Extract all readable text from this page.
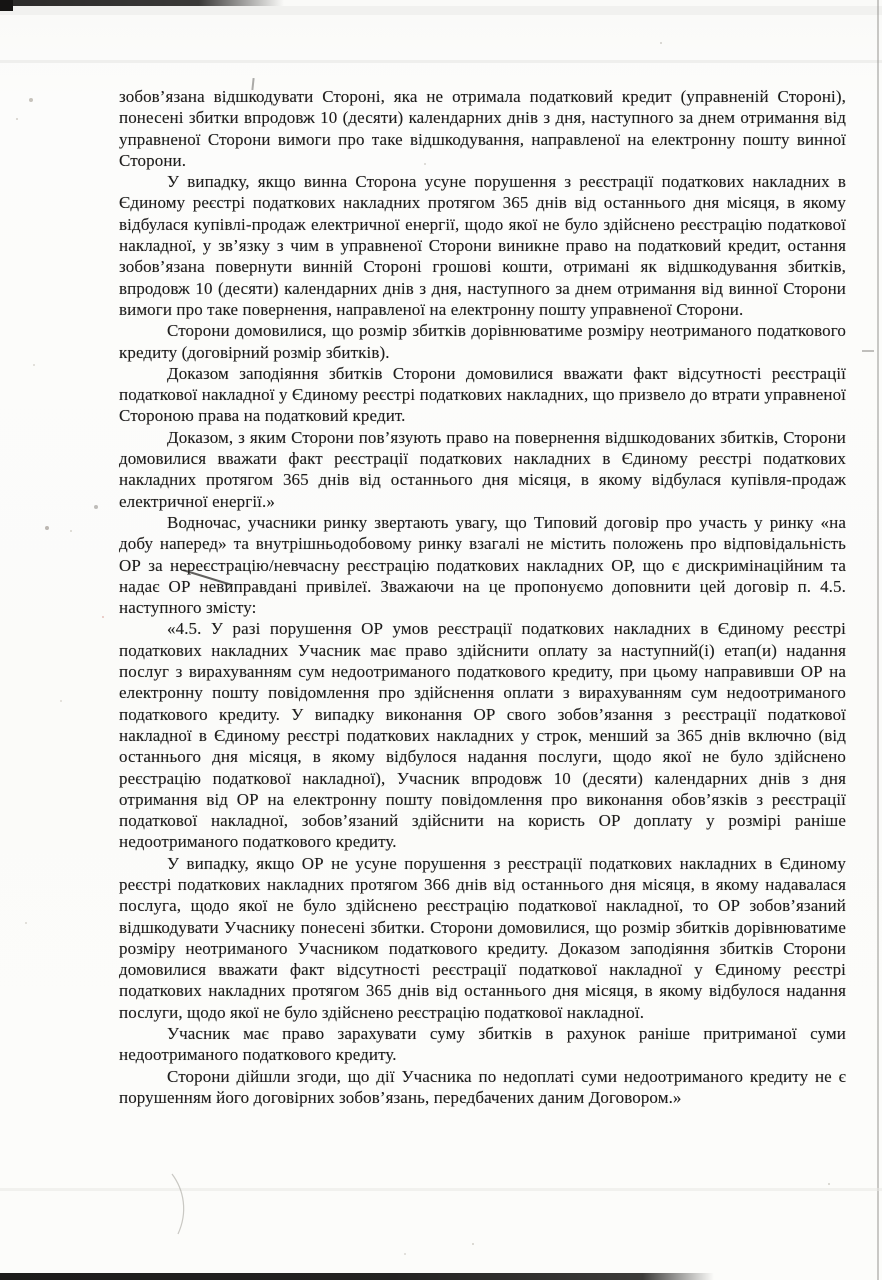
зобов’язана відшкодувати Стороні, яка не отримала податковий кредит (управненій Стороні), понесені збитки впродовж 10 (десяти) календарних днів з дня, наступного за днем отримання від управненої Сторони вимоги про таке відшкодування, направленої на електронну пошту винної Сторони.

У випадку, якщо винна Сторона усуне порушення з реєстрації податкових накладних в Єдиному реєстрі податкових накладних протягом 365 днів від останнього дня місяця, в якому відбулася купівлі-продаж електричної енергії, щодо якої не було здійснено реєстрацію податкової накладної, у зв’язку з чим в управненої Сторони виникне право на податковий кредит, остання зобов’язана повернути винній Стороні грошові кошти, отримані як відшкодування збитків, впродовж 10 (десяти) календарних днів з дня, наступного за днем отримання від винної Сторони вимоги про таке повернення, направленої на електронну пошту управненої Сторони.

Сторони домовилися, що розмір збитків дорівнюватиме розміру неотриманого податкового кредиту (договірний розмір збитків).

Доказом заподіяння збитків Сторони домовилися вважати факт відсутності реєстрації податкової накладної у Єдиному реєстрі податкових накладних, що призвело до втрати управненої Стороною права на податковий кредит.

Доказом, з яким Сторони пов’язують право на повернення відшкодованих збитків, Сторони домовилися вважати факт реєстрації податкових накладних в Єдиному реєстрі податкових накладних протягом 365 днів від останнього дня місяця, в якому відбулася купівля-продаж електричної енергії.»

Водночас, учасники ринку звертають увагу, що Типовий договір про участь у ринку «на добу наперед» та внутрішньодобовому ринку взагалі не містить положень про відповідальність ОР за нереєстрацію/невчасну реєстрацію податкових накладних ОР, що є дискримінаційним та надає ОР невиправдані привілеї. Зважаючи на це пропонуємо доповнити цей договір п. 4.5. наступного змісту:

«4.5. У разі порушення ОР умов реєстрації податкових накладних в Єдиному реєстрі податкових накладних Учасник має право здійснити оплату за наступний(і) етап(и) надання послуг з вирахуванням сум недоотриманого податкового кредиту, при цьому направивши ОР на електронну пошту повідомлення про здійснення оплати з вирахуванням сум недоотриманого податкового кредиту. У випадку виконання ОР свого зобов’язання з реєстрації податкової накладної в Єдиному реєстрі податкових накладних у строк, менший за 365 днів включно (від останнього дня місяця, в якому відбулося надання послуги, щодо якої не було здійснено реєстрацію податкової накладної), Учасник впродовж 10 (десяти) календарних днів з дня отримання від ОР на електронну пошту повідомлення про виконання обов’язків з реєстрації податкової накладної, зобов’язаний здійснити на користь ОР доплату у розмірі раніше недоотриманого податкового кредиту.

У випадку, якщо ОР не усуне порушення з реєстрації податкових накладних в Єдиному реєстрі податкових накладних протягом 366 днів від останнього дня місяця, в якому надавалася послуга, щодо якої не було здійснено реєстрацію податкової накладної, то ОР зобов’язаний відшкодувати Учаснику понесені збитки. Сторони домовилися, що розмір збитків дорівнюватиме розміру неотриманого Учасником податкового кредиту. Доказом заподіяння збитків Сторони домовилися вважати факт відсутності реєстрації податкової накладної у Єдиному реєстрі податкових накладних протягом 365 днів від останнього дня місяця, в якому відбулося надання послуги, щодо якої не було здійснено реєстрацію податкової накладної.

Учасник має право зарахувати суму збитків в рахунок раніше притриманої суми недоотриманого податкового кредиту.

Сторони дійшли згоди, що дії Учасника по недоплаті суми недоотриманого кредиту не є порушенням його договірних зобов’язань, передбачених даним Договором.»
